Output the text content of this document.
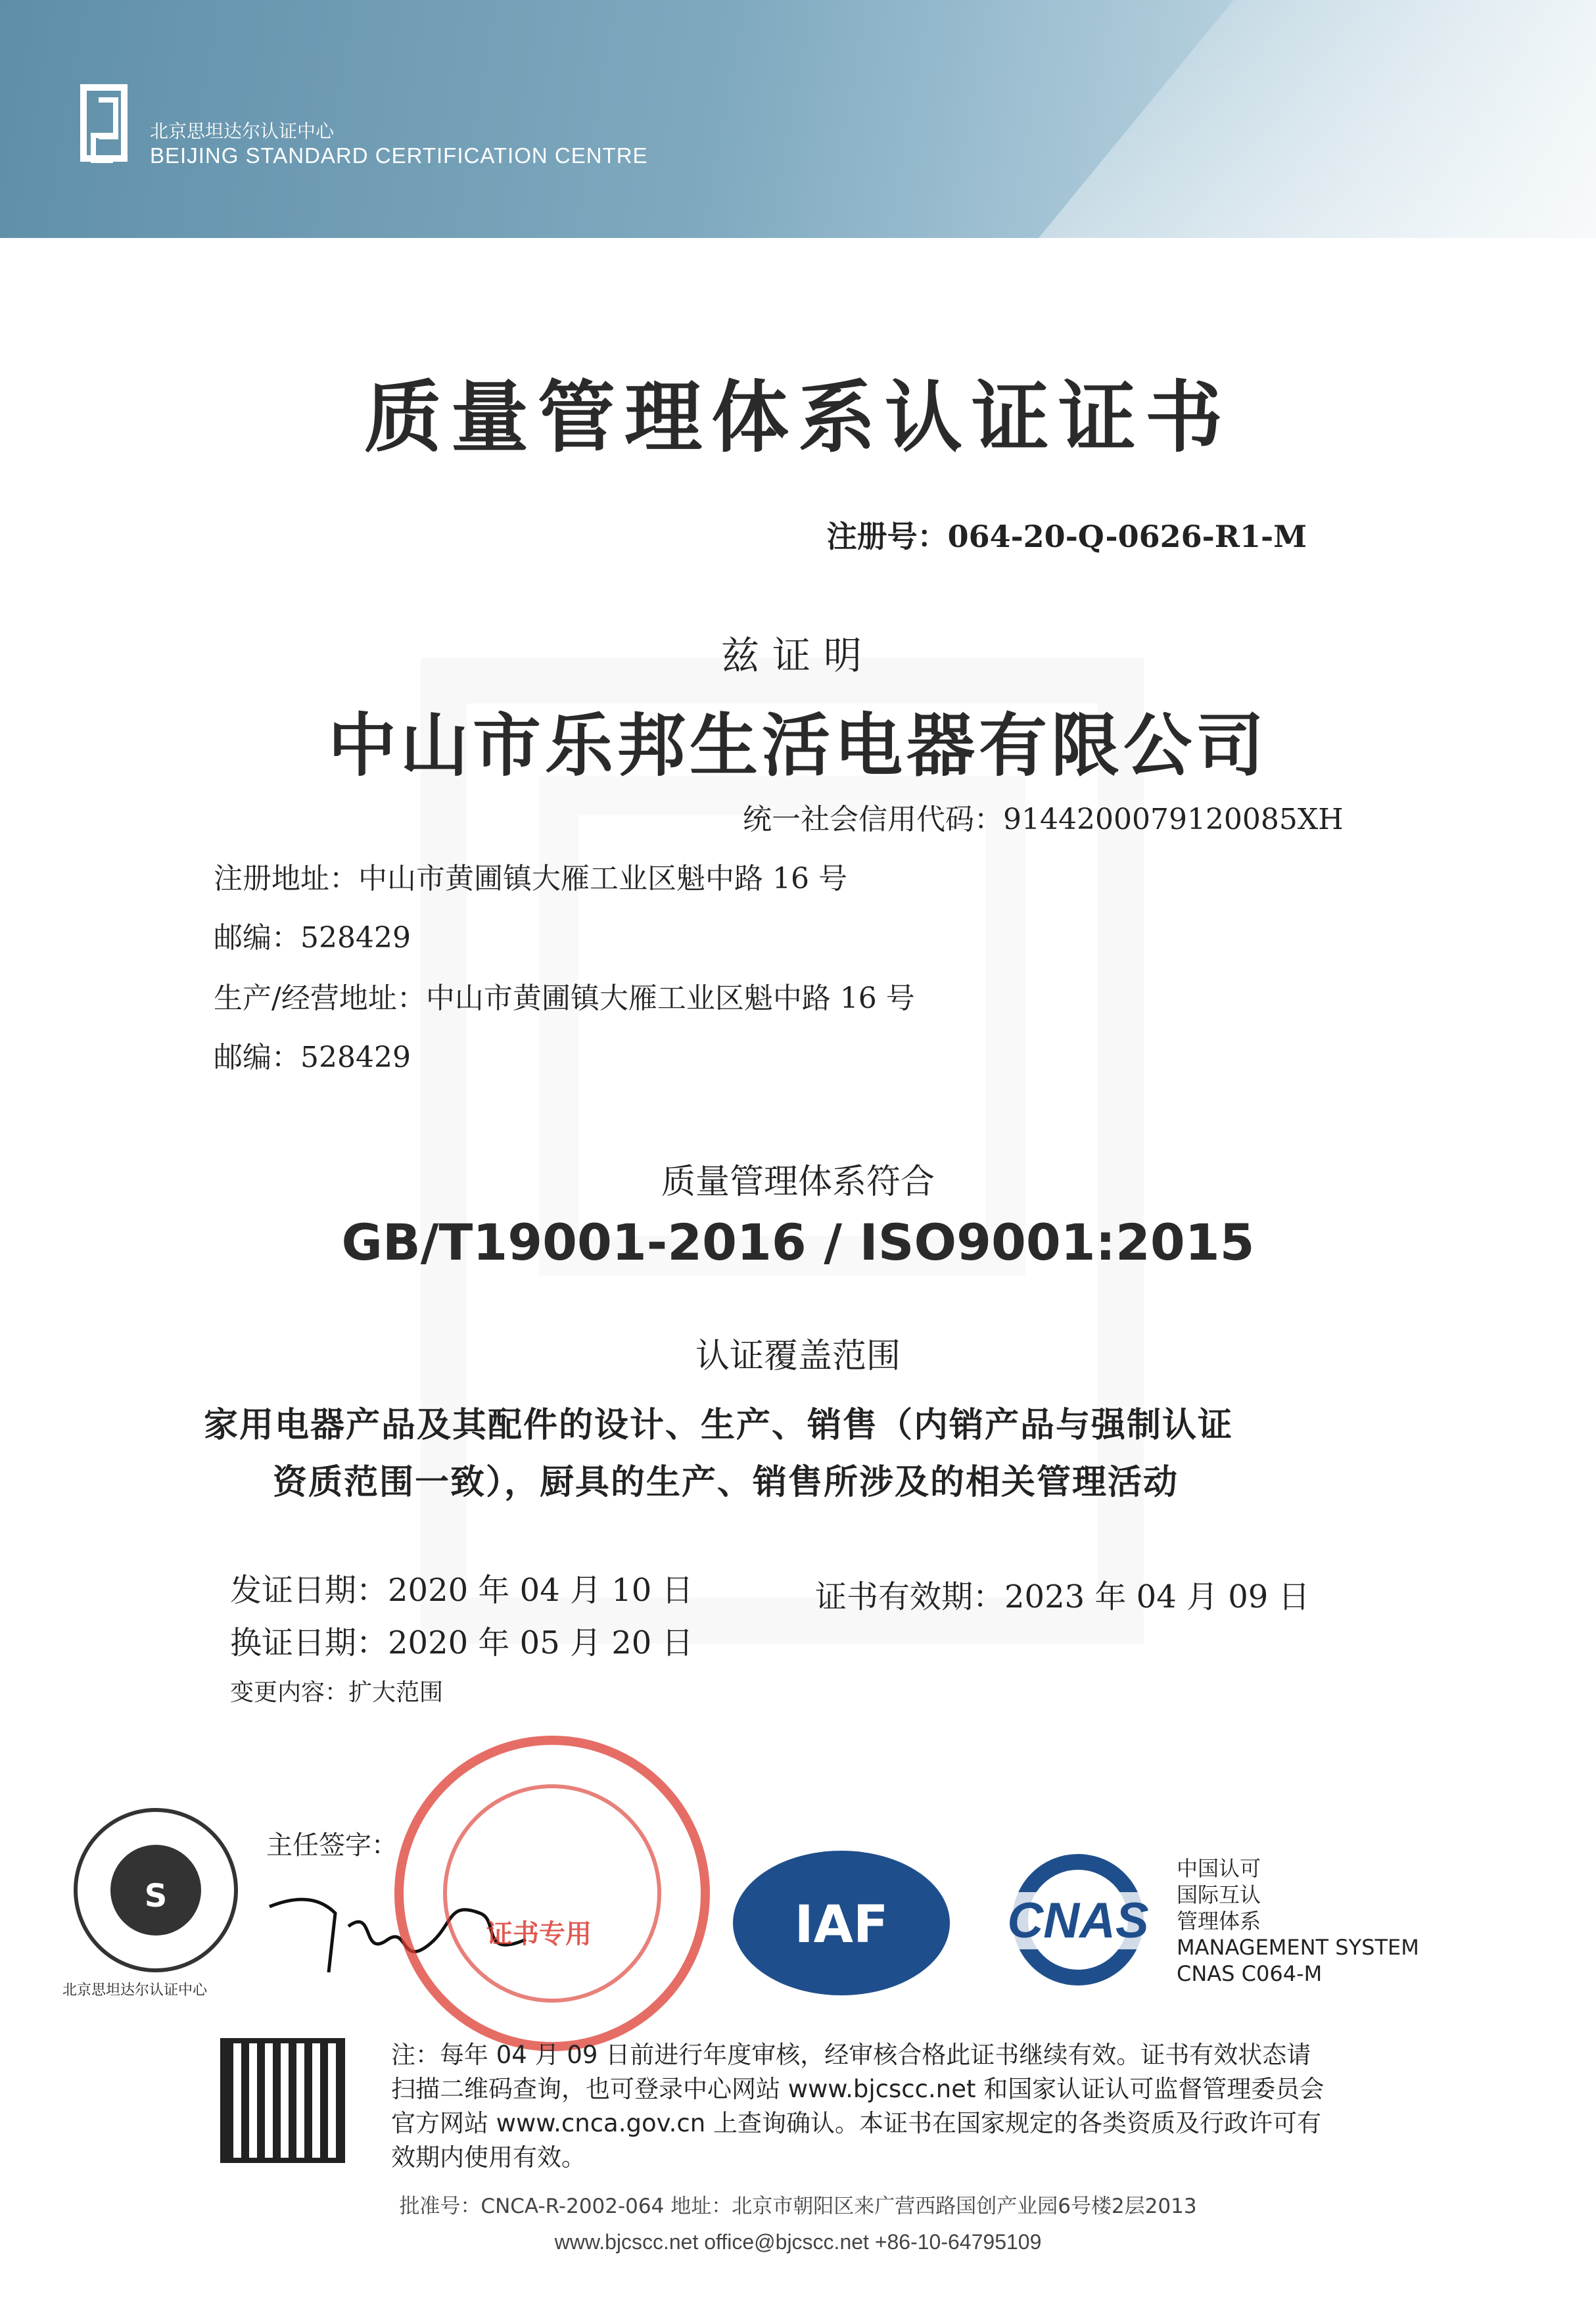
北京思坦达尔认证中心
BEIJING STANDARD CERTIFICATION CENTRE
质量管理体系认证证书
注册号：064-20-Q-0626-R1-M
兹证明
中山市乐邦生活电器有限公司
统一社会信用代码：9144200079120085XH
注册地址：中山市黄圃镇大雁工业区魁中路 16 号
邮编：528429
生产/经营地址：中山市黄圃镇大雁工业区魁中路 16 号
邮编：528429
质量管理体系符合
GB/T19001-2016 / ISO9001:2015
认证覆盖范围
家用电器产品及其配件的设计、生产、销售（内销产品与强制认证
资质范围一致），厨具的生产、销售所涉及的相关管理活动
发证日期：2020 年 04 月 10 日	证书有效期：2023 年 04 月 09 日
换证日期：2020 年 05 月 20 日
变更内容：扩大范围
S
北京思坦达尔认证中心
主任签字：
证书专用	IAF	CNAS
中国认可
国际互认
管理体系
MANAGEMENT SYSTEM
CNAS C064-M
注：每年 04 月 09 日前进行年度审核，经审核合格此证书继续有效。证书有效状态请扫描二维码查询，也可登录中心网站 www.bjcscc.net 和国家认证认可监督管理委员会官方网站 www.cnca.gov.cn 上查询确认。本证书在国家规定的各类资质及行政许可有效期内使用有效。
批准号：CNCA-R-2002-064 地址：北京市朝阳区来广营西路国创产业园6号楼2层2013
www.bjcscc.net office@bjcscc.net +86-10-64795109
